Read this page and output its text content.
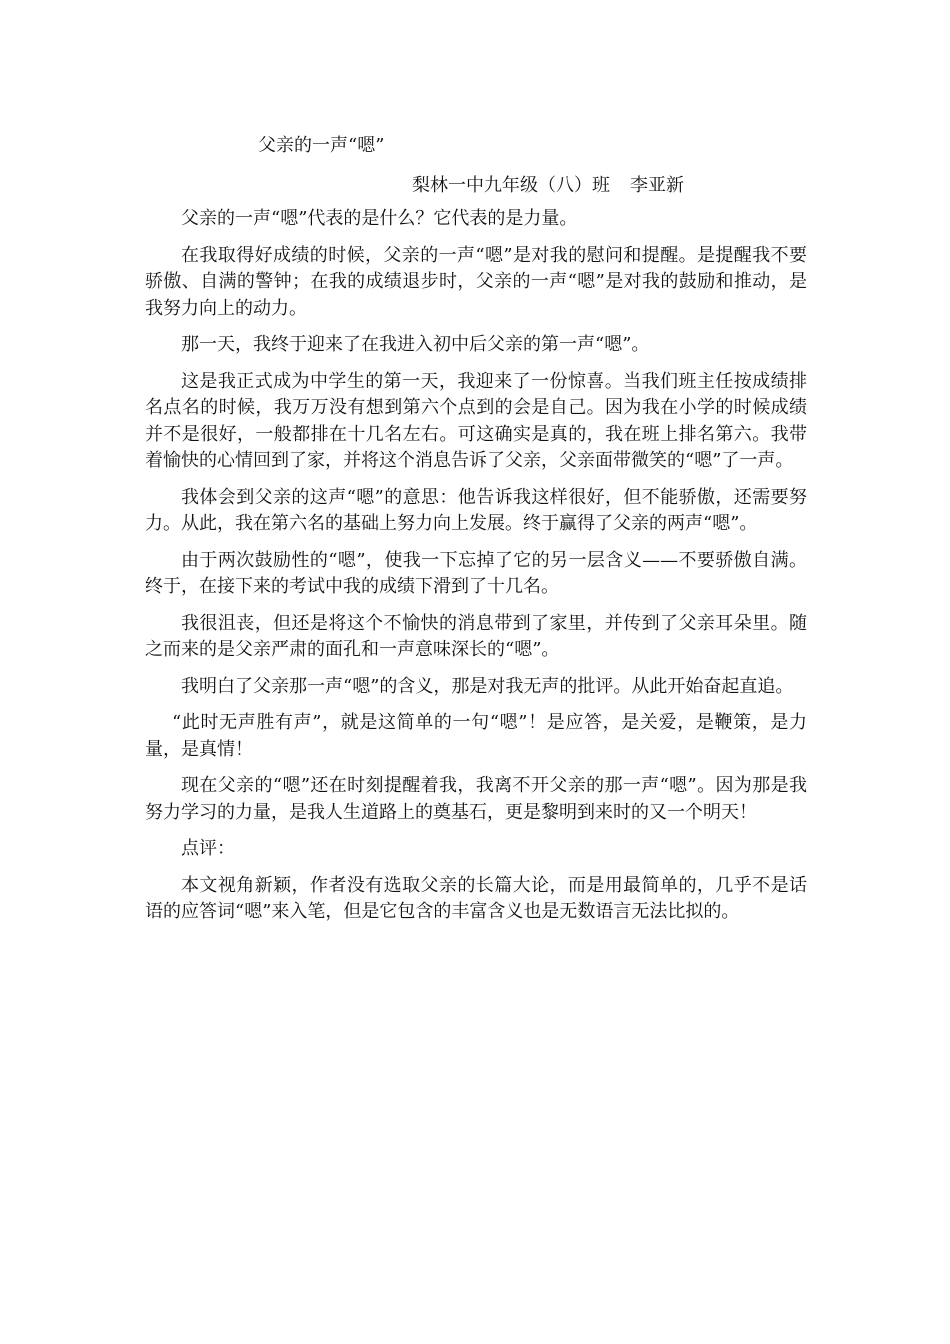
父亲的一声“嗯”
梨林一中九年级（八）班 李亚新

父亲的一声“嗯”代表的是什么？它代表的是力量。

在我取得好成绩的时候，父亲的一声“嗯”是对我的慰问和提醒。是提醒我不要骄傲、自满的警钟；在我的成绩退步时，父亲的一声“嗯”是对我的鼓励和推动，是我努力向上的动力。

那一天，我终于迎来了在我进入初中后父亲的第一声“嗯”。

这是我正式成为中学生的第一天，我迎来了一份惊喜。当我们班主任按成绩排名点名的时候，我万万没有想到第六个点到的会是自己。因为我在小学的时候成绩并不是很好，一般都排在十几名左右。可这确实是真的，我在班上排名第六。我带着愉快的心情回到了家，并将这个消息告诉了父亲，父亲面带微笑的“嗯”了一声。

我体会到父亲的这声“嗯”的意思：他告诉我这样很好，但不能骄傲，还需要努力。从此，我在第六名的基础上努力向上发展。终于赢得了父亲的两声“嗯”。

由于两次鼓励性的“嗯”，使我一下忘掉了它的另一层含义——不要骄傲自满。终于，在接下来的考试中我的成绩下滑到了十几名。

我很沮丧，但还是将这个不愉快的消息带到了家里，并传到了父亲耳朵里。随之而来的是父亲严肃的面孔和一声意味深长的“嗯”。

我明白了父亲那一声“嗯”的含义，那是对我无声的批评。从此开始奋起直追。

“此时无声胜有声”，就是这简单的一句“嗯”！是应答，是关爱，是鞭策，是力量，是真情！

现在父亲的“嗯”还在时刻提醒着我，我离不开父亲的那一声“嗯”。因为那是我努力学习的力量，是我人生道路上的奠基石，更是黎明到来时的又一个明天！

点评：

本文视角新颖，作者没有选取父亲的长篇大论，而是用最简单的，几乎不是话语的应答词“嗯”来入笔，但是它包含的丰富含义也是无数语言无法比拟的。
